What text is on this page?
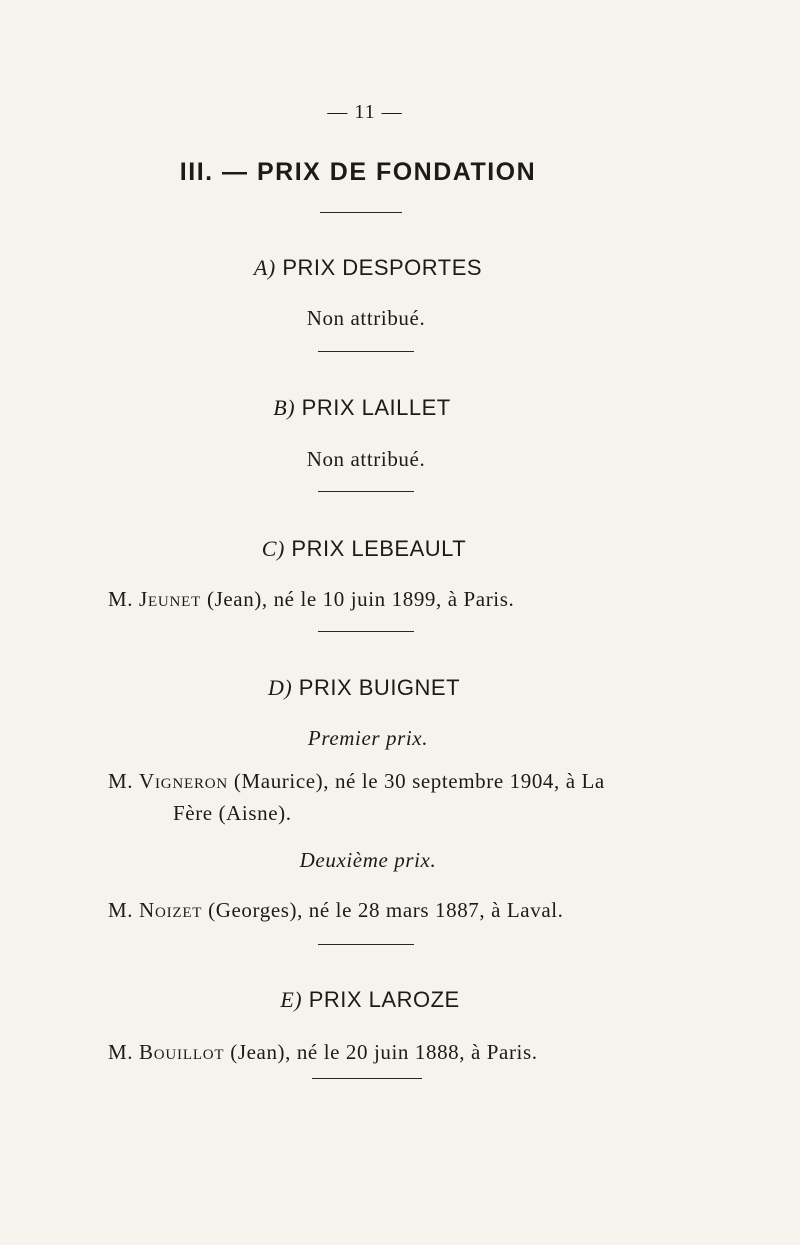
— 11 —
III. — PRIX DE FONDATION
A) PRIX DESPORTES
Non attribué.
B) PRIX LAILLET
Non attribué.
C) PRIX LEBEAULT
M. Jeunet (Jean), né le 10 juin 1899, à Paris.
D) PRIX BUIGNET
Premier prix.
M. Vigneron (Maurice), né le 30 septembre 1904, à La
Fère (Aisne).
Deuxième prix.
M. Noizet (Georges), né le 28 mars 1887, à Laval.
E) PRIX LAROZE
M. Bouillot (Jean), né le 20 juin 1888, à Paris.
